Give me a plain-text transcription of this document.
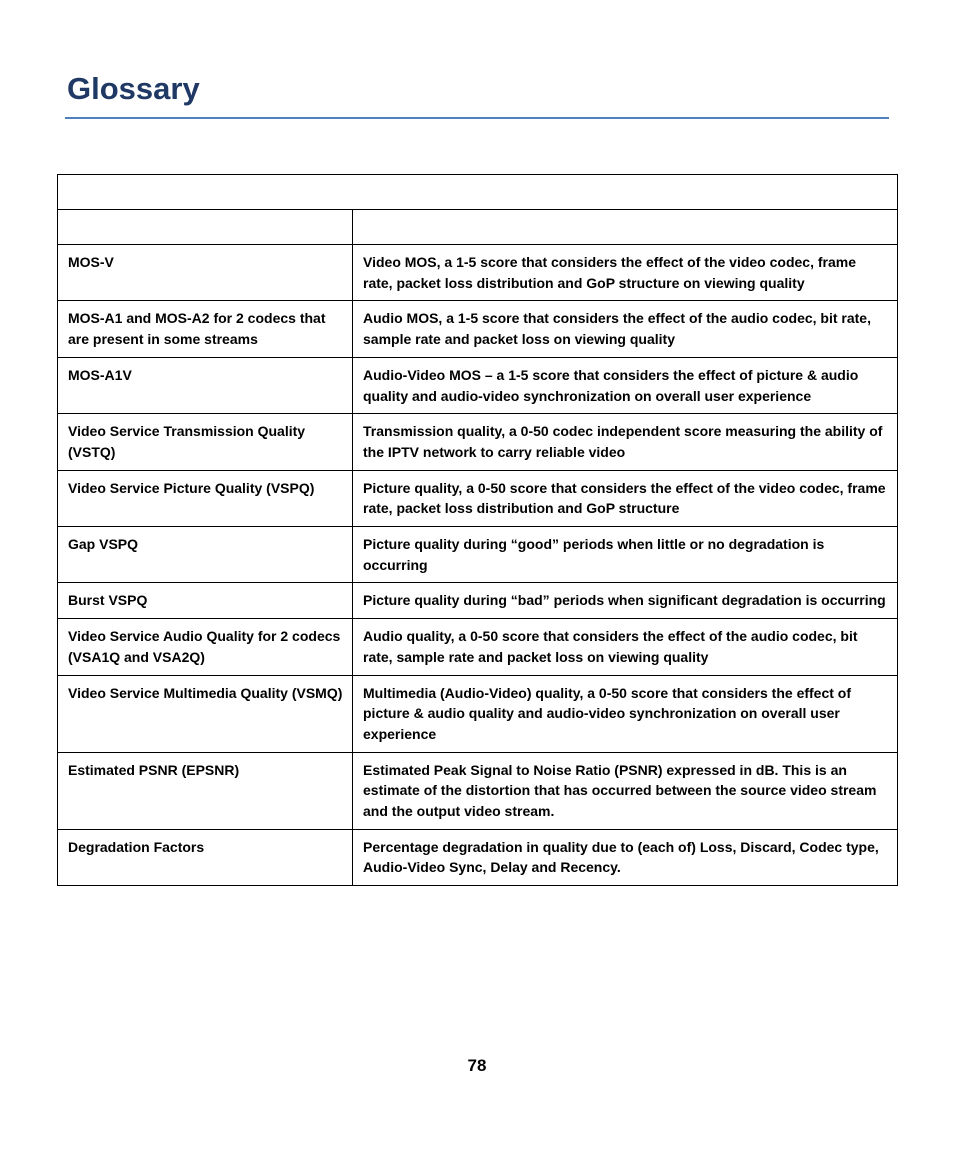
Glossary

MOS-V	Video MOS, a 1-5 score that considers the effect of the video codec, frame rate, packet loss distribution and GoP structure on viewing quality
MOS-A1 and MOS-A2 for 2 codecs that are present in some streams	Audio MOS, a 1-5 score that considers the effect of the audio codec, bit rate, sample rate and packet loss on viewing quality
MOS-A1V	Audio-Video MOS – a 1-5 score that considers the effect of picture & audio quality and audio-video synchronization on overall user experience
Video Service Transmission Quality (VSTQ)	Transmission quality, a 0-50 codec independent score measuring the ability of the IPTV network to carry reliable video
Video Service Picture Quality (VSPQ)	Picture quality, a 0-50 score that considers the effect of the video codec, frame rate, packet loss distribution and GoP structure
Gap VSPQ	Picture quality during “good” periods when little or no degradation is occurring
Burst VSPQ	Picture quality during “bad” periods when significant degradation is occurring
Video Service Audio Quality for 2 codecs (VSA1Q and VSA2Q)	Audio quality, a 0-50 score that considers the effect of the audio codec, bit rate, sample rate and packet loss on viewing quality
Video Service Multimedia Quality (VSMQ)	Multimedia (Audio-Video) quality, a 0-50 score that considers the effect of picture & audio quality and audio-video synchronization on overall user experience
Estimated PSNR (EPSNR)	Estimated Peak Signal to Noise Ratio (PSNR) expressed in dB. This is an estimate of the distortion that has occurred between the source video stream and the output video stream.
Degradation Factors	Percentage degradation in quality due to (each of) Loss, Discard, Codec type, Audio-Video Sync, Delay and Recency.
78
